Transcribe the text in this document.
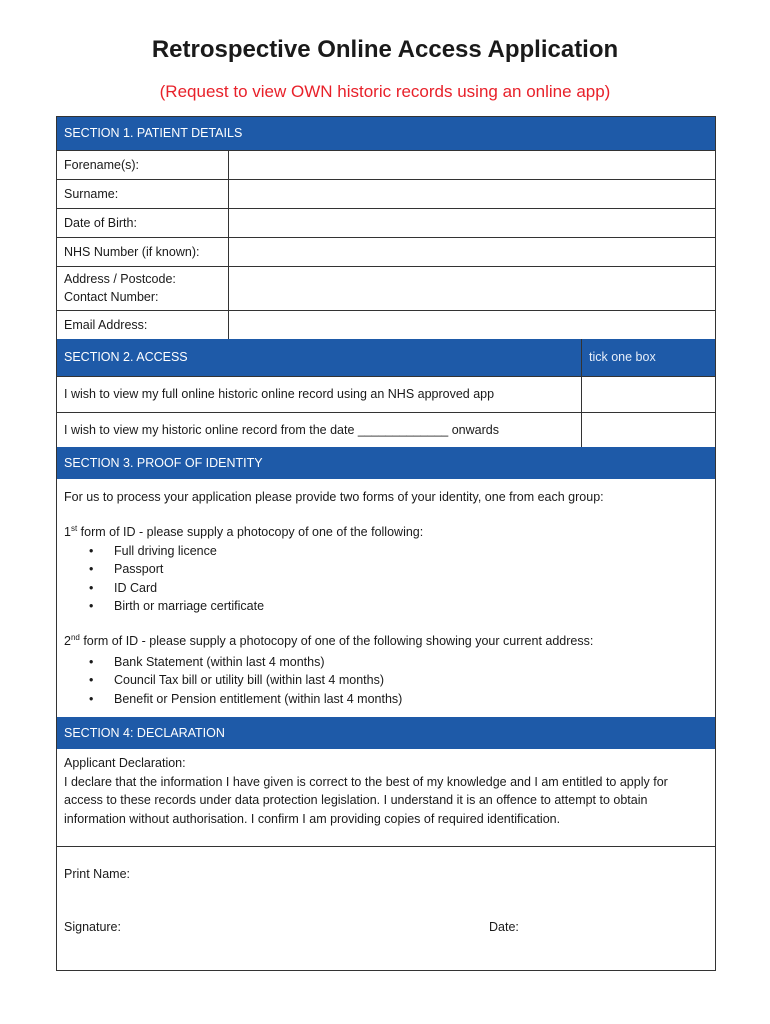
Retrospective Online Access Application
(Request to view OWN historic records using an online app)
SECTION 1. PATIENT DETAILS
Forename(s):
Surname:
Date of Birth:
NHS Number (if known):
Address / Postcode:
Contact Number:
Email Address:
SECTION 2. ACCESS	tick one box
I wish to view my full online historic online record using an NHS approved app
I wish to view my historic online record from the date _____________ onwards
SECTION 3. PROOF OF IDENTITY
For us to process your application please provide two forms of your identity, one from each group:
1st form of ID - please supply a photocopy of one of the following:
• Full driving licence
• Passport
• ID Card
• Birth or marriage certificate
2nd form of ID - please supply a photocopy of one of the following showing your current address:
• Bank Statement (within last 4 months)
• Council Tax bill or utility bill (within last 4 months)
• Benefit or Pension entitlement (within last 4 months)
SECTION 4: DECLARATION
Applicant Declaration:
I declare that the information I have given is correct to the best of my knowledge and I am entitled to apply for access to these records under data protection legislation. I understand it is an offence to attempt to obtain information without authorisation. I confirm I am providing copies of required identification.
Print Name:
Signature:	Date:
